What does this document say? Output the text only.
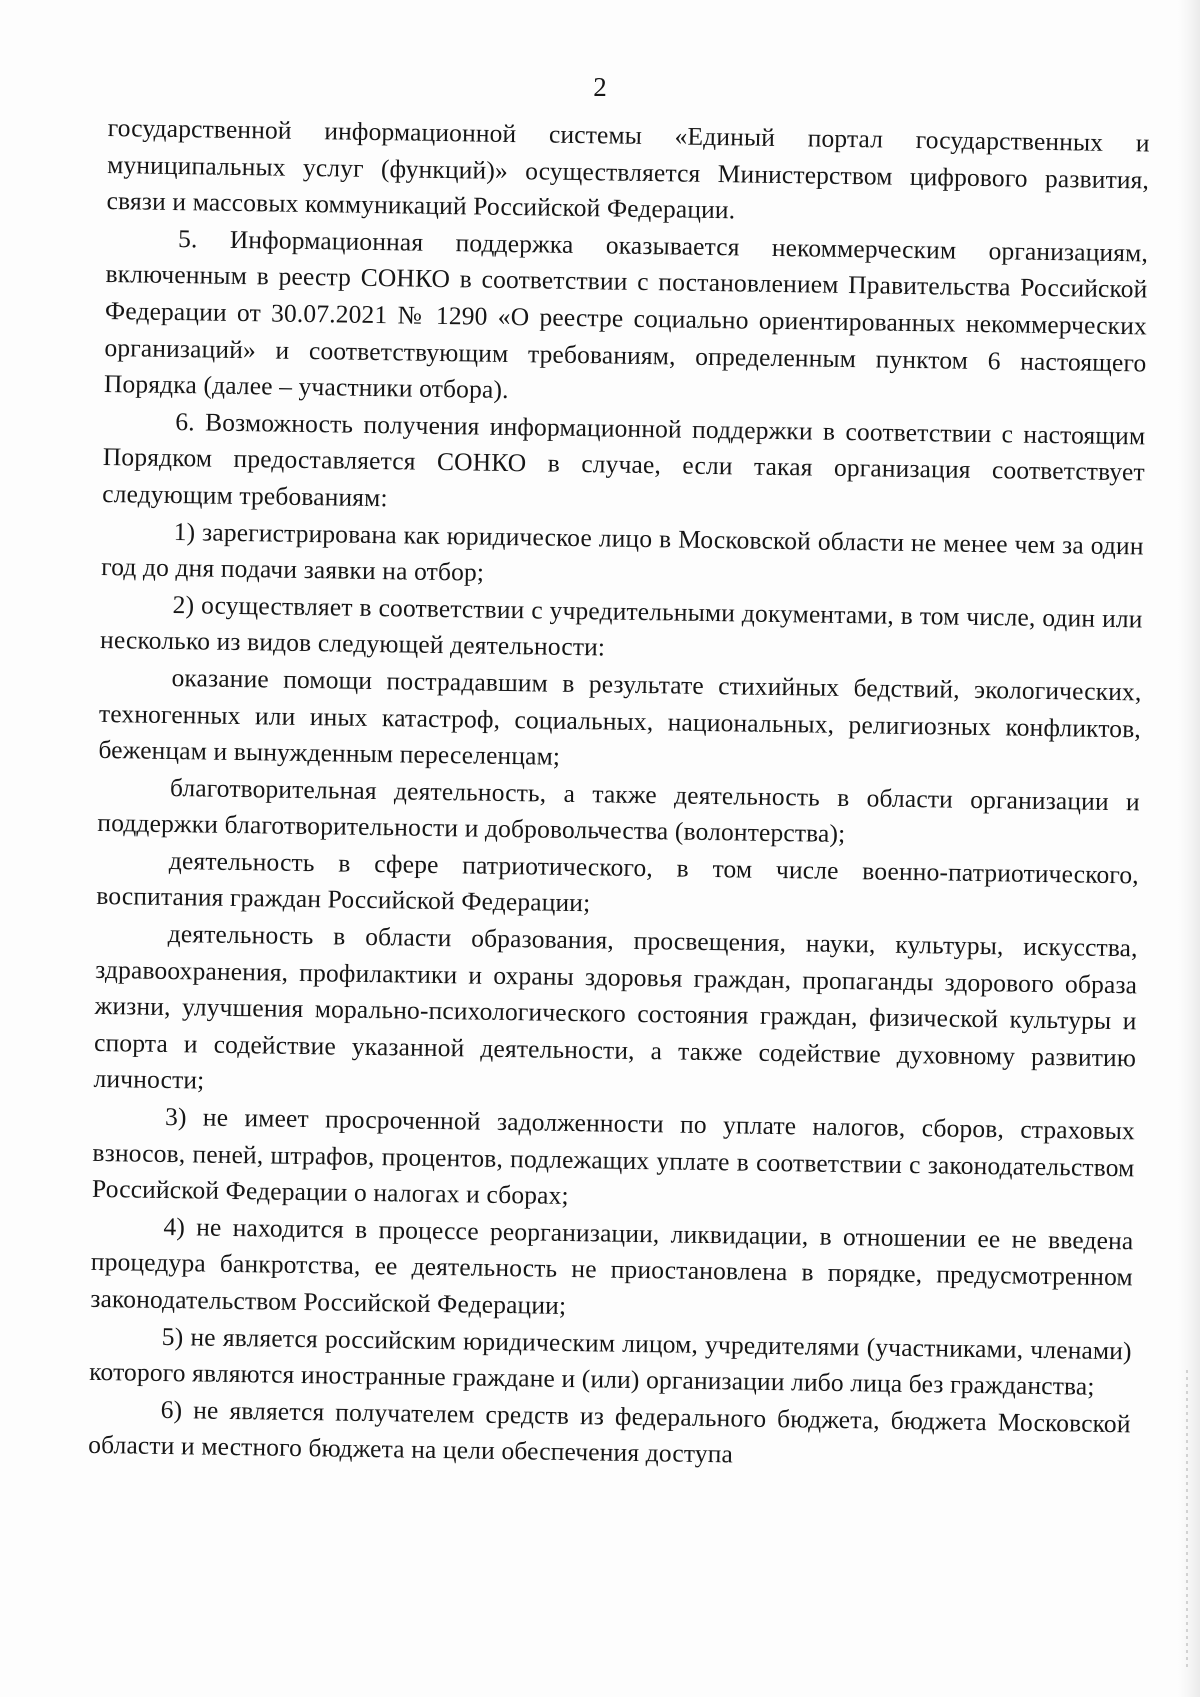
2

государственной информационной системы «Единый портал государственных и муниципальных услуг (функций)» осуществляется Министерством цифрового развития, связи и массовых коммуникаций Российской Федерации.

5. Информационная поддержка оказывается некоммерческим организациям, включенным в реестр СОНКО в соответствии с постановлением Правительства Российской Федерации от 30.07.2021 № 1290 «О реестре социально ориентированных некоммерческих организаций» и соответствующим требованиям, определенным пунктом 6 настоящего Порядка (далее – участники отбора).

6. Возможность получения информационной поддержки в соответствии с настоящим Порядком предоставляется СОНКО в случае, если такая организация соответствует следующим требованиям:

1) зарегистрирована как юридическое лицо в Московской области не менее чем за один год до дня подачи заявки на отбор;

2) осуществляет в соответствии с учредительными документами, в том числе, один или несколько из видов следующей деятельности:

оказание помощи пострадавшим в результате стихийных бедствий, экологических, техногенных или иных катастроф, социальных, национальных, религиозных конфликтов, беженцам и вынужденным переселенцам;

благотворительная деятельность, а также деятельность в области организации и поддержки благотворительности и добровольчества (волонтерства);

деятельность в сфере патриотического, в том числе военно-патриотического, воспитания граждан Российской Федерации;

деятельность в области образования, просвещения, науки, культуры, искусства, здравоохранения, профилактики и охраны здоровья граждан, пропаганды здорового образа жизни, улучшения морально-психологического состояния граждан, физической культуры и спорта и содействие указанной деятельности, а также содействие духовному развитию личности;

3) не имеет просроченной задолженности по уплате налогов, сборов, страховых взносов, пеней, штрафов, процентов, подлежащих уплате в соответствии с законодательством Российской Федерации о налогах и сборах;

4) не находится в процессе реорганизации, ликвидации, в отношении ее не введена процедура банкротства, ее деятельность не приостановлена в порядке, предусмотренном законодательством Российской Федерации;

5) не является российским юридическим лицом, учредителями (участниками, членами) которого являются иностранные граждане и (или) организации либо лица без гражданства;

6) не является получателем средств из федерального бюджета, бюджета Московской области и местного бюджета на цели обеспечения доступа
